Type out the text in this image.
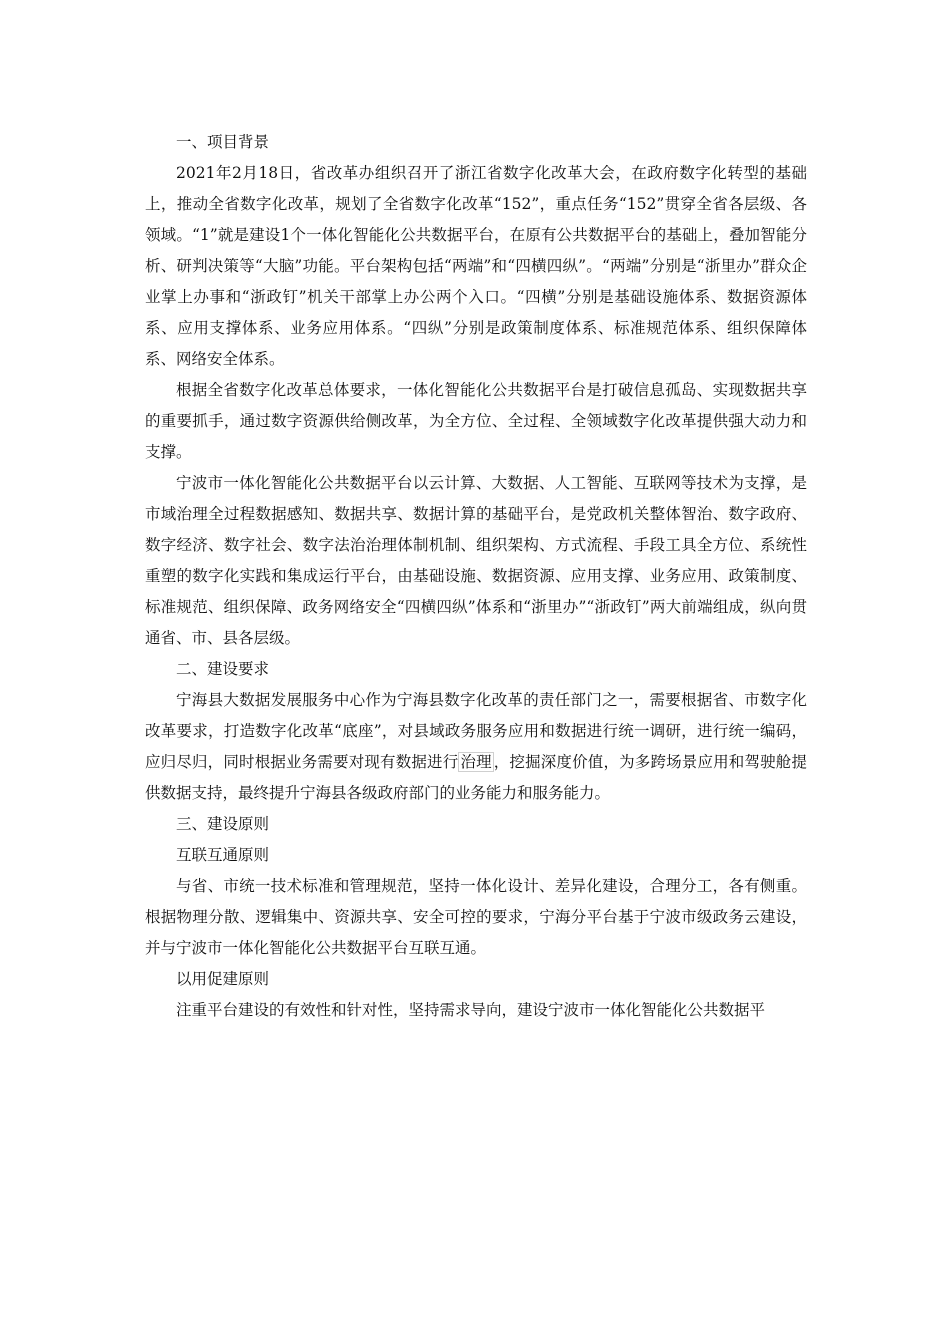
一、项目背景

2021年2月18日，省改革办组织召开了浙江省数字化改革大会，在政府数字化转型的基础上，推动全省数字化改革，规划了全省数字化改革“152”，重点任务“152”贯穿全省各层级、各领域。“1”就是建设1个一体化智能化公共数据平台，在原有公共数据平台的基础上，叠加智能分析、研判决策等“大脑”功能。平台架构包括“两端”和“四横四纵”。“两端”分别是“浙里办”群众企业掌上办事和“浙政钉”机关干部掌上办公两个入口。“四横”分别是基础设施体系、数据资源体系、应用支撑体系、业务应用体系。“四纵”分别是政策制度体系、标准规范体系、组织保障体系、网络安全体系。

根据全省数字化改革总体要求，一体化智能化公共数据平台是打破信息孤岛、实现数据共享的重要抓手，通过数字资源供给侧改革，为全方位、全过程、全领域数字化改革提供强大动力和支撑。

宁波市一体化智能化公共数据平台以云计算、大数据、人工智能、互联网等技术为支撑，是市域治理全过程数据感知、数据共享、数据计算的基础平台，是党政机关整体智治、数字政府、数字经济、数字社会、数字法治治理体制机制、组织架构、方式流程、手段工具全方位、系统性重塑的数字化实践和集成运行平台，由基础设施、数据资源、应用支撑、业务应用、政策制度、标准规范、组织保障、政务网络安全“四横四纵”体系和“浙里办”“浙政钉”两大前端组成，纵向贯通省、市、县各层级。

二、建设要求

宁海县大数据发展服务中心作为宁海县数字化改革的责任部门之一，需要根据省、市数字化改革要求，打造数字化改革“底座”，对县域政务服务应用和数据进行统一调研，进行统一编码，应归尽归，同时根据业务需要对现有数据进行 治理 ，挖掘深度价值，为多跨场景应用和驾驶舱提供数据支持，最终提升宁海县各级政府部门的业务能力和服务能力。

三、建设原则

互联互通原则

与省、市统一技术标准和管理规范，坚持一体化设计、差异化建设，合理分工，各有侧重。根据物理分散、逻辑集中、资源共享、安全可控的要求，宁海分平台基于宁波市级政务云建设，并与宁波市一体化智能化公共数据平台互联互通。

以用促建原则

注重平台建设的有效性和针对性，坚持需求导向，建设宁波市一体化智能化公共数据平
